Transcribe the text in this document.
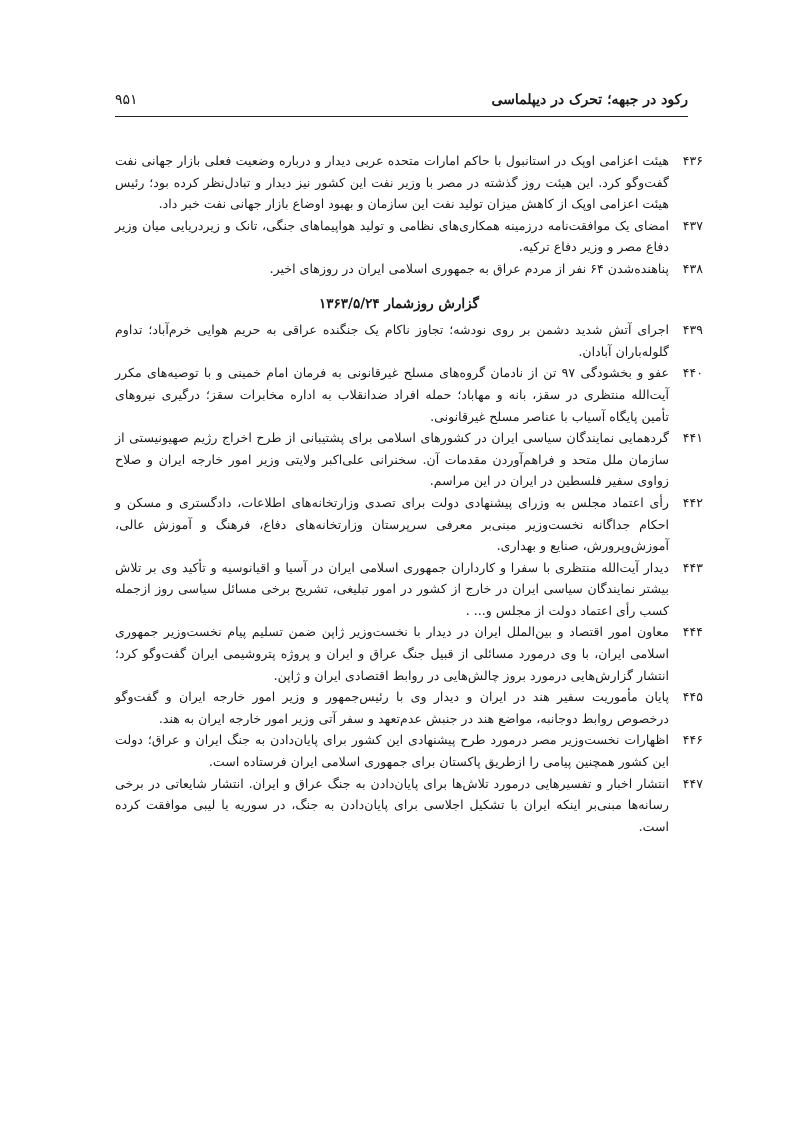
رکود در جبهه؛ تحرک در دیپلماسی
۹۵۱
۴۳۶
هیئت اعزامی اوپک در استانبول با حاکم امارات متحده عربی دیدار و درباره وضعیت فعلی بازار جهانی نفت گفت‌وگو کرد. این هیئت روز گذشته در مصر با وزیر نفت این کشور نیز دیدار و تبادل‌نظر کرده بود؛ رئیس هیئت اعزامی اوپک از کاهش میزان تولید نفت این سازمان و بهبود اوضاع بازار جهانی نفت خبر داد.
۴۳۷
امضای یک موافقت‌نامه درزمینه همکاری‌های نظامی و تولید هواپیماهای جنگی، تانک و زیردریایی میان وزیر دفاع مصر و وزیر دفاع ترکیه.
۴۳۸
پناهنده‌شدن ۶۴ نفر از مردم عراق به جمهوری اسلامی ایران در روزهای اخیر.
گزارش روزشمار ۱۳۶۳/۵/۲۴
۴۳۹
اجرای آتش شدید دشمن بر روی نودشه؛ تجاوز ناکام یک جنگنده عراقی به حریم هوایی خرم‌آباد؛ تداوم گلوله‌باران آبادان.
۴۴۰
عفو و بخشودگی ۹۷ تن از نادمان گروه‌های مسلح غیرقانونی به فرمان امام خمینی و با توصیه‌های مکرر آیت‌الله منتظری در سقز، بانه و مهاباد؛ حمله افراد ضدانقلاب به اداره مخابرات سقز؛ درگیری نیروهای تأمین پایگاه آسیاب با عناصر مسلح غیرقانونی.
۴۴۱
گردهمایی نمایندگان سیاسی ایران در کشورهای اسلامی برای پشتیبانی از طرح اخراج رژیم صهیونیستی از سازمان ملل متحد و فراهم‌آوردن مقدمات آن. سخنرانی علی‌اکبر ولایتی وزیر امور خارجه ایران و صلاح زواوی سفیر فلسطین در ایران در این مراسم.
۴۴۲
رأی اعتماد مجلس به وزرای پیشنهادی دولت برای تصدی وزارتخانه‌های اطلاعات، دادگستری و مسکن و احکام جداگانه نخست‌وزیر مبنی‌بر معرفی سرپرستان وزارتخانه‌های دفاع، فرهنگ و آموزش عالی، آموزش‌وپرورش، صنایع و بهداری.
۴۴۳
دیدار آیت‌الله منتظری با سفرا و کارداران جمهوری اسلامی ایران در آسیا و اقیانوسیه و تأکید وی بر تلاش بیشتر نمایندگان سیاسی ایران در خارج از کشور در امور تبلیغی، تشریح برخی مسائل سیاسی روز ازجمله کسب رأی اعتماد دولت از مجلس و... .
۴۴۴
معاون امور اقتصاد و بین‌الملل ایران در دیدار با نخست‌وزیر ژاپن ضمن تسلیم پیام نخست‌وزیر جمهوری اسلامی ایران، با وی درمورد مسائلی از قبیل جنگ عراق و ایران و پروژه پتروشیمی ایران گفت‌وگو کرد؛ انتشار گزارش‌هایی درمورد بروز چالش‌هایی در روابط اقتصادی ایران و ژاپن.
۴۴۵
پایان مأموریت سفیر هند در ایران و دیدار وی با رئیس‌جمهور و وزیر امور خارجه ایران و گفت‌وگو درخصوص روابط دوجانبه، مواضع هند در جنبش عدم‌تعهد و سفر آتی وزیر امور خارجه ایران به هند.
۴۴۶
اظهارات نخست‌وزیر مصر درمورد طرح پیشنهادی این کشور برای پایان‌دادن به جنگ ایران و عراق؛ دولت این کشور همچنین پیامی را ازطریق پاکستان برای جمهوری اسلامی ایران فرستاده است.
۴۴۷
انتشار اخبار و تفسیرهایی درمورد تلاش‌ها برای پایان‌دادن به جنگ عراق و ایران. انتشار شایعاتی در برخی رسانه‌ها مبنی‌بر اینکه ایران با تشکیل اجلاسی برای پایان‌دادن به جنگ، در سوریه یا لیبی موافقت کرده است.
